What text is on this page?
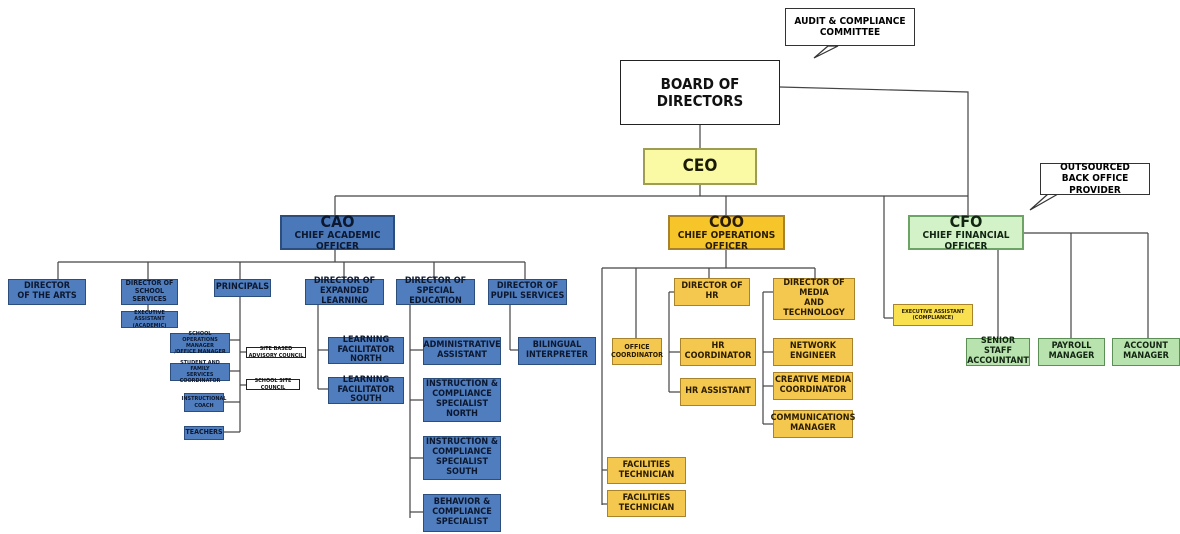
AUDIT & COMPLIANCE
COMMITTEE
OUTSOURCED
BACK OFFICE PROVIDER
BOARD OF DIRECTORS
CEO
CAO
CHIEF ACADEMIC OFFICER
COO
CHIEF OPERATIONS OFFICER
CFO
CHIEF FINANCIAL OFFICER
DIRECTOR
OF THE ARTS
DIRECTOR OF
SCHOOL SERVICES
EXECUTIVE ASSISTANT
(ACADEMIC)
PRINCIPALS
SCHOOL OPERATIONS MANAGER
/OFFICE MANAGER
STUDENT AND FAMILY
SERVICES COORDINATOR
INSTRUCTIONAL
COACH
TEACHERS
SITE BASED ADVISORY COUNCIL
SCHOOL SITE COUNCIL
DIRECTOR OF
EXPANDED LEARNING
LEARNING
FACILITATOR NORTH
LEARNING
FACILITATOR SOUTH
DIRECTOR OF
SPECIAL EDUCATION
ADMINISTRATIVE
ASSISTANT
INSTRUCTION &
COMPLIANCE
SPECIALIST NORTH
INSTRUCTION &
COMPLIANCE
SPECIALIST SOUTH
BEHAVIOR &
COMPLIANCE
SPECIALIST
DIRECTOR OF
PUPIL SERVICES
BILINGUAL
INTERPRETER
OFFICE
COORDINATOR
DIRECTOR OF HR
HR COORDINATOR
HR ASSISTANT
DIRECTOR OF MEDIA
AND TECHNOLOGY
NETWORK ENGINEER
CREATIVE MEDIA
COORDINATOR
COMMUNICATIONS
MANAGER
FACILITIES
TECHNICIAN
FACILITIES
TECHNICIAN
EXECUTIVE ASSISTANT
(COMPLIANCE)
SENIOR STAFF
ACCOUNTANT
PAYROLL MANAGER
ACCOUNT MANAGER
